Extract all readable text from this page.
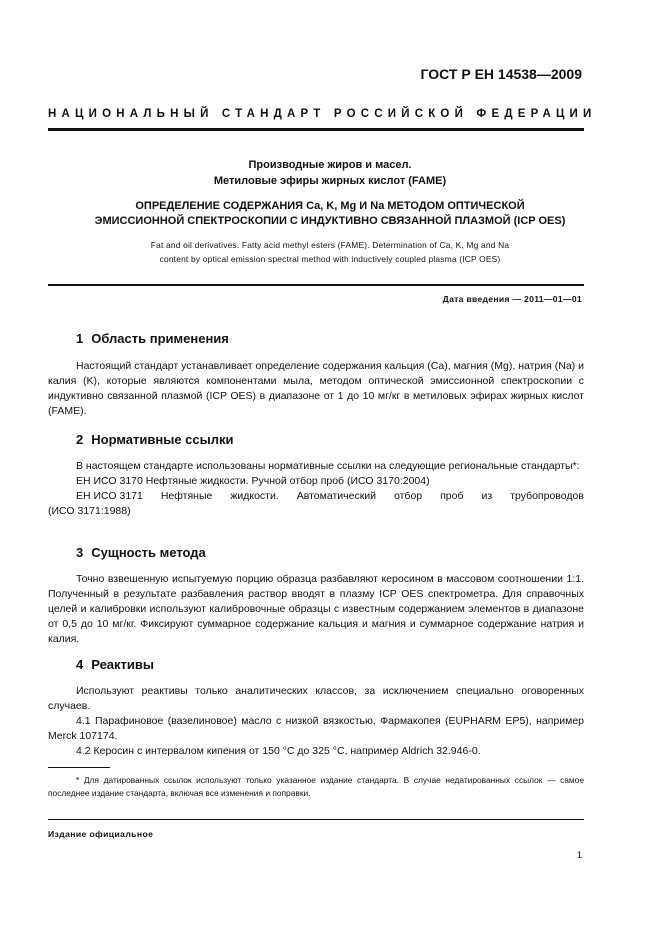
ГОСТ Р ЕН 14538—2009
НАЦИОНАЛЬНЫЙ СТАНДАРТ РОССИЙСКОЙ ФЕДЕРАЦИИ
Производные жиров и масел.
Метиловые эфиры жирных кислот (FAME)
ОПРЕДЕЛЕНИЕ СОДЕРЖАНИЯ Ca, K, Mg И Na МЕТОДОМ ОПТИЧЕСКОЙ
ЭМИССИОННОЙ СПЕКТРОСКОПИИ С ИНДУКТИВНО СВЯЗАННОЙ ПЛАЗМОЙ (ICP OES)
Fat and oil derivatives. Fatty acid methyl esters (FAME). Determination of Ca, K, Mg and Na
content by optical emission spectral method with inductively coupled plasma (ICP OES)
Дата введения — 2011—01—01
1 Область применения

Настоящий стандарт устанавливает определение содержания кальция (Ca), магния (Mg), натрия (Na) и калия (K), которые являются компонентами мыла, методом оптической эмиссионной спектроскопии с индуктивно связанной плазмой (ICP OES) в диапазоне от 1 до 10 мг/кг в метиловых эфирах жирных кислот (FAME).

2 Нормативные ссылки

В настоящем стандарте использованы нормативные ссылки на следующие региональные стандарты*:

ЕН ИСО 3170 Нефтяные жидкости. Ручной отбор проб (ИСО 3170:2004)

ЕН ИСО 3171 Нефтяные жидкости. Автоматический отбор проб из трубопроводов
(ИСО 3171:1988)
3 Сущность метода

Точно взвешенную испытуемую порцию образца разбавляют керосином в массовом соотношении 1:1. Полученный в результате разбавления раствор вводят в плазму ICP OES спектрометра. Для справочных целей и калибровки используют калибровочные образцы с известным содержанием элементов в диапазоне от 0,5 до 10 мг/кг. Фиксируют суммарное содержание кальция и магния и суммарное содержание натрия и калия.

4 Реактивы

Используют реактивы только аналитических классов, за исключением специально оговоренных случаев.

4.1 Парафиновое (вазелиновое) масло с низкой вязкостью, Фармакопея (EUPHARM EP5), например Merck 107174.

4.2 Керосин с интервалом кипения от 150 °C до 325 °C, например Aldrich 32.946-0.

* Для датированных ссылок используют только указанное издание стандарта. В случае недатированных ссылок — самое последнее издание стандарта, включая все изменения и поправки.

Издание официальное
1
